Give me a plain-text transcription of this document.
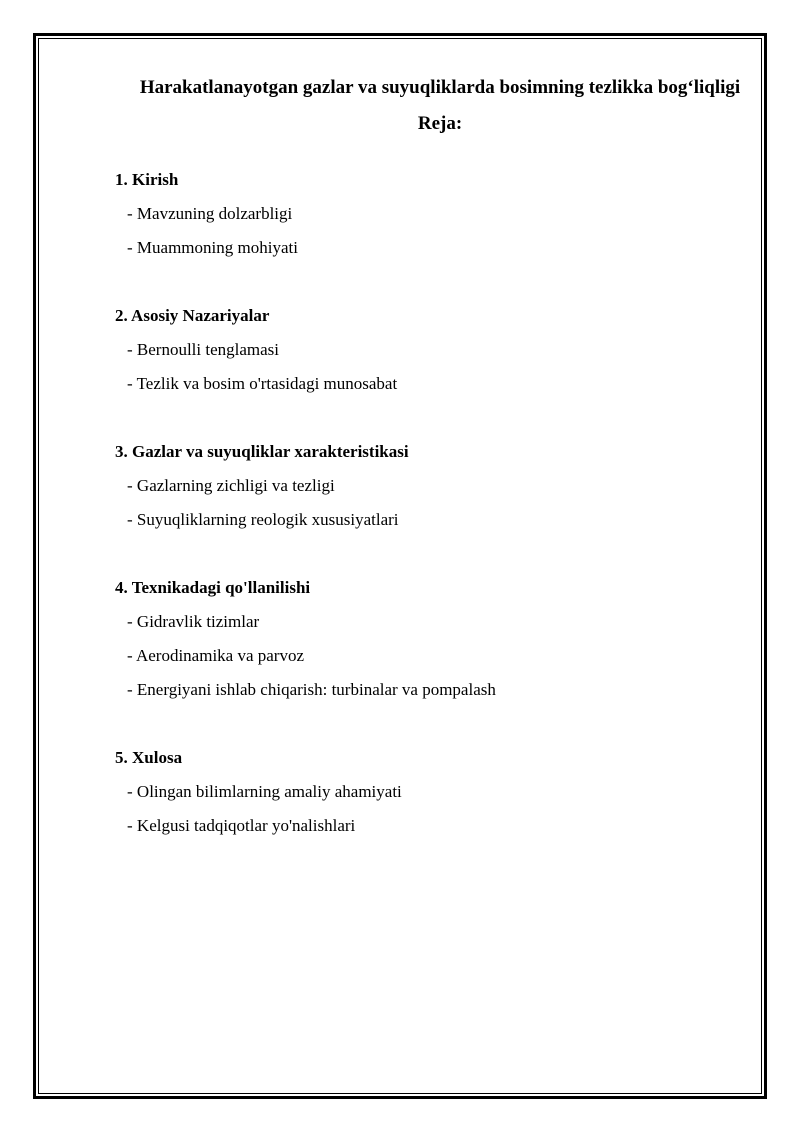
Harakatlanayotgan gazlar va suyuqliklarda bosimning tezlikka bog‘liqligi
Reja:

1. Kirish

- Mavzuning dolzarbligi

- Muammoning mohiyati

2. Asosiy Nazariyalar

- Bernoulli tenglamasi

- Tezlik va bosim o'rtasidagi munosabat

3. Gazlar va suyuqliklar xarakteristikasi

- Gazlarning zichligi va tezligi

- Suyuqliklarning reologik xususiyatlari

4. Texnikadagi qo'llanilishi

- Gidravlik tizimlar

- Aerodinamika va parvoz

- Energiyani ishlab chiqarish: turbinalar va pompalash

5. Xulosa

- Olingan bilimlarning amaliy ahamiyati

- Kelgusi tadqiqotlar yo'nalishlari
